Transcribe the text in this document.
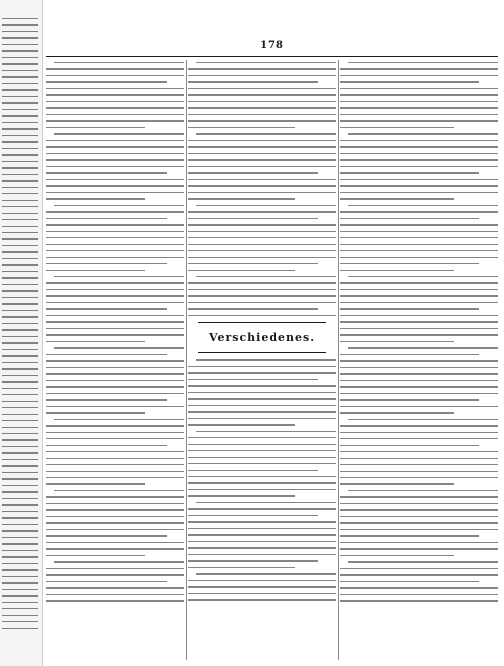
178
Verschiedenes.
